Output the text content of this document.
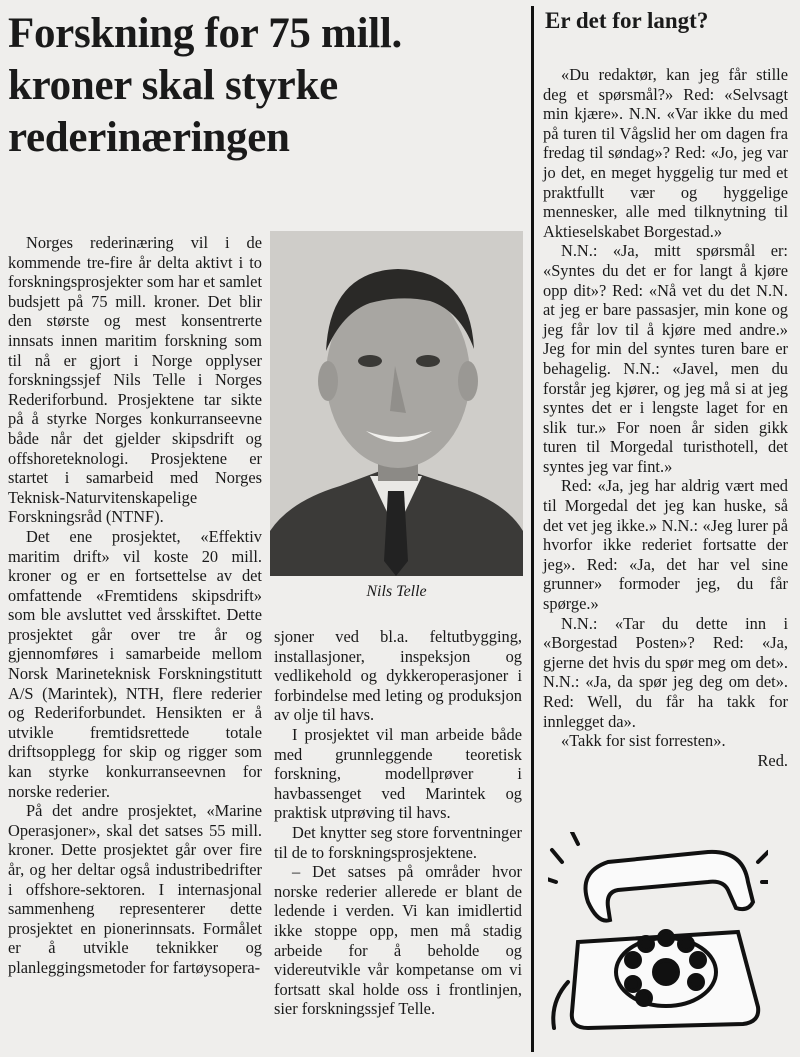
Forskning for 75 mill. kroner skal styrke rederinæringen

Norges rederinæring vil i de kommende tre-fire år delta aktivt i to forskningsprosjekter som har et samlet budsjett på 75 mill. kroner. Det blir den største og mest konsentrerte innsats innen maritim forskning som til nå er gjort i Norge opplyser forskningssjef Nils Telle i Norges Rederiforbund. Prosjektene tar sikte på å styrke Norges konkurranseevne både når det gjelder skipsdrift og offshoreteknologi. Prosjektene er startet i samarbeid med Norges Teknisk-Naturvitenskapelige Forskningsråd (NTNF).

Det ene prosjektet, «Effektiv maritim drift» vil koste 20 mill. kroner og er en fortsettelse av det omfattende «Fremtidens skipsdrift» som ble avsluttet ved årsskiftet. Dette prosjektet går over tre år og gjennomføres i samarbeide mellom Norsk Marineteknisk Forskningstitutt A/S (Marintek), NTH, flere rederier og Rederiforbundet. Hensikten er å utvikle fremtidsrettede totale driftsopplegg for skip og rigger som kan styrke konkurranseevnen for norske rederier.

På det andre prosjektet, «Marine Operasjoner», skal det satses 55 mill. kroner. Dette prosjektet går over fire år, og her deltar også industribedrifter i offshore-sektoren. I internasjonal sammenheng representerer dette prosjektet en pionerinnsats. Formålet er å utvikle teknikker og planleggingsmetoder for fartøysopera-

Nils Telle

sjoner ved bl.a. feltutbygging, installasjoner, inspeksjon og vedlikehold og dykkeroperasjoner i forbindelse med leting og produksjon av olje til havs.

I prosjektet vil man arbeide både med grunnleggende teoretisk forskning, modellprøver i havbassenget ved Marintek og praktisk utprøving til havs.

Det knytter seg store forventninger til de to forskningsprosjektene.

– Det satses på områder hvor norske rederier allerede er blant de ledende i verden. Vi kan imidlertid ikke stoppe opp, men må stadig arbeide for å beholde og videreutvikle vår kompetanse om vi fortsatt skal holde oss i frontlinjen, sier forskningssjef Telle.

Er det for langt?

«Du redaktør, kan jeg får stille deg et spørsmål?» Red: «Selvsagt min kjære». N.N. «Var ikke du med på turen til Vågslid her om dagen fra fredag til søndag»? Red: «Jo, jeg var jo det, en meget hyggelig tur med et praktfullt vær og hyggelige mennesker, alle med tilknytning til Aktieselskabet Borgestad.»

N.N.: «Ja, mitt spørsmål er: «Syntes du det er for langt å kjøre opp dit»? Red: «Nå vet du det N.N. at jeg er bare passasjer, min kone og jeg får lov til å kjøre med andre.» Jeg for min del syntes turen bare er behagelig. N.N.: «Javel, men du forstår jeg kjører, og jeg må si at jeg syntes det er i lengste laget for en slik tur.» For noen år siden gikk turen til Morgedal turisthotell, det syntes jeg var fint.»

Red: «Ja, jeg har aldrig vært med til Morgedal det jeg kan huske, så det vet jeg ikke.» N.N.: «Jeg lurer på hvorfor ikke rederiet fortsatte der jeg». Red: «Ja, det har vel sine grunner» formoder jeg, du får spørge.»

N.N.: «Tar du dette inn i «Borgestad Posten»? Red: «Ja, gjerne det hvis du spør meg om det». N.N.: «Ja, da spør jeg deg om det». Red: Well, du får ha takk for innlegget da».

«Takk for sist forresten».

Red.
